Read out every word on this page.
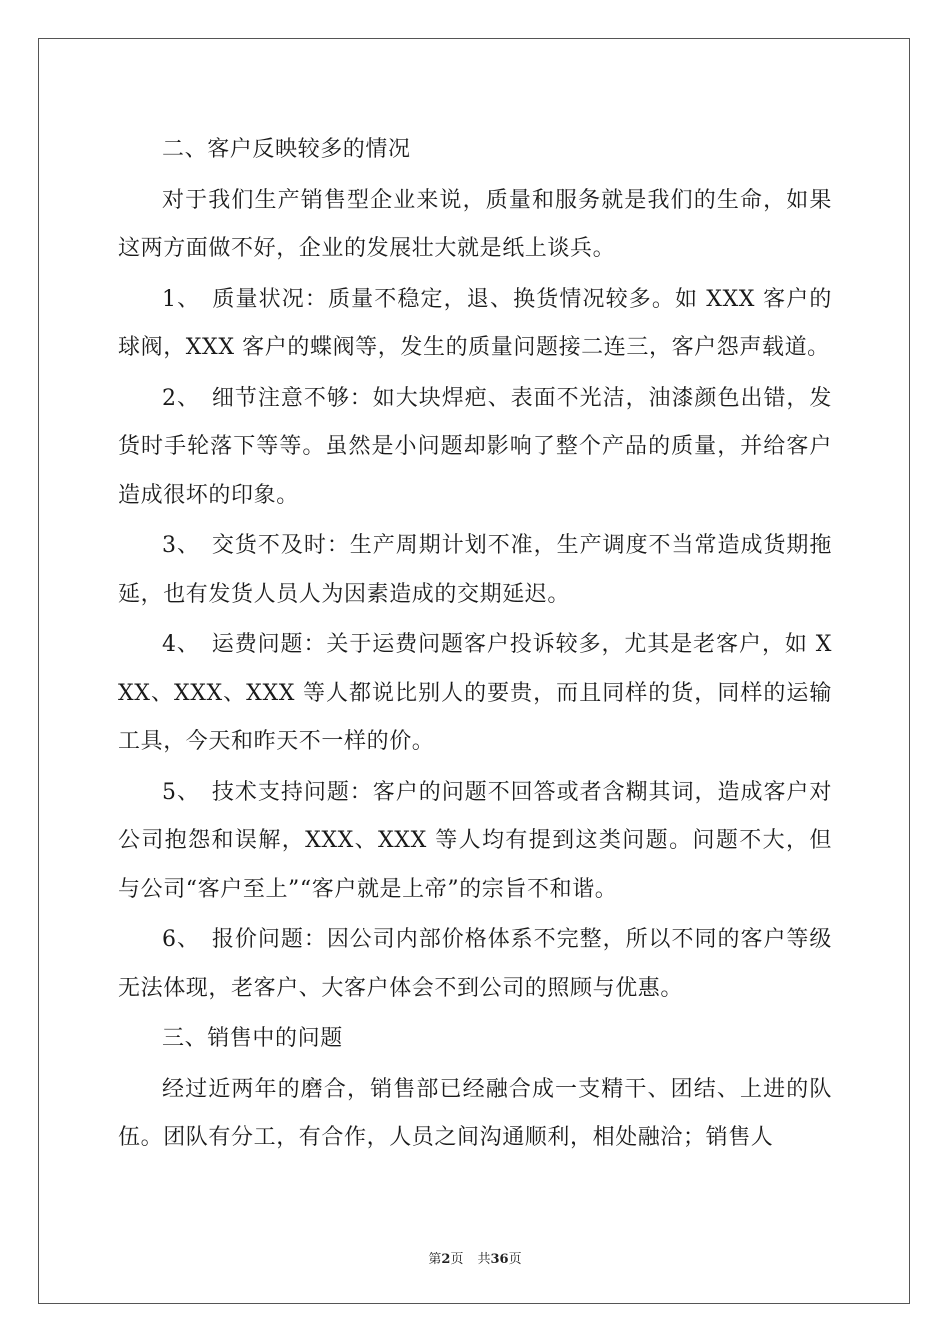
二、客户反映较多的情况

对于我们生产销售型企业来说，质量和服务就是我们的生命，如果这两方面做不好，企业的发展壮大就是纸上谈兵。

1、　质量状况：质量不稳定，退、换货情况较多。如 XXX 客户的球阀，XXX 客户的蝶阀等，发生的质量问题接二连三，客户怨声载道。

2、　细节注意不够：如大块焊疤、表面不光洁，油漆颜色出错，发货时手轮落下等等。虽然是小问题却影响了整个产品的质量，并给客户造成很坏的印象。

3、　交货不及时：生产周期计划不准，生产调度不当常造成货期拖延，也有发货人员人为因素造成的交期延迟。

4、　运费问题：关于运费问题客户投诉较多，尤其是老客户，如 XXX、XXX、XXX 等人都说比别人的要贵，而且同样的货，同样的运输工具，今天和昨天不一样的价。

5、　技术支持问题：客户的问题不回答或者含糊其词，造成客户对公司抱怨和误解，XXX、XXX 等人均有提到这类问题。问题不大，但与公司“客户至上”“客户就是上帝”的宗旨不和谐。

6、　报价问题：因公司内部价格体系不完整，所以不同的客户等级无法体现，老客户、大客户体会不到公司的照顾与优惠。

三、销售中的问题

经过近两年的磨合，销售部已经融合成一支精干、团结、上进的队伍。团队有分工，有合作，人员之间沟通顺利，相处融洽；销售人

第2页 共36页
